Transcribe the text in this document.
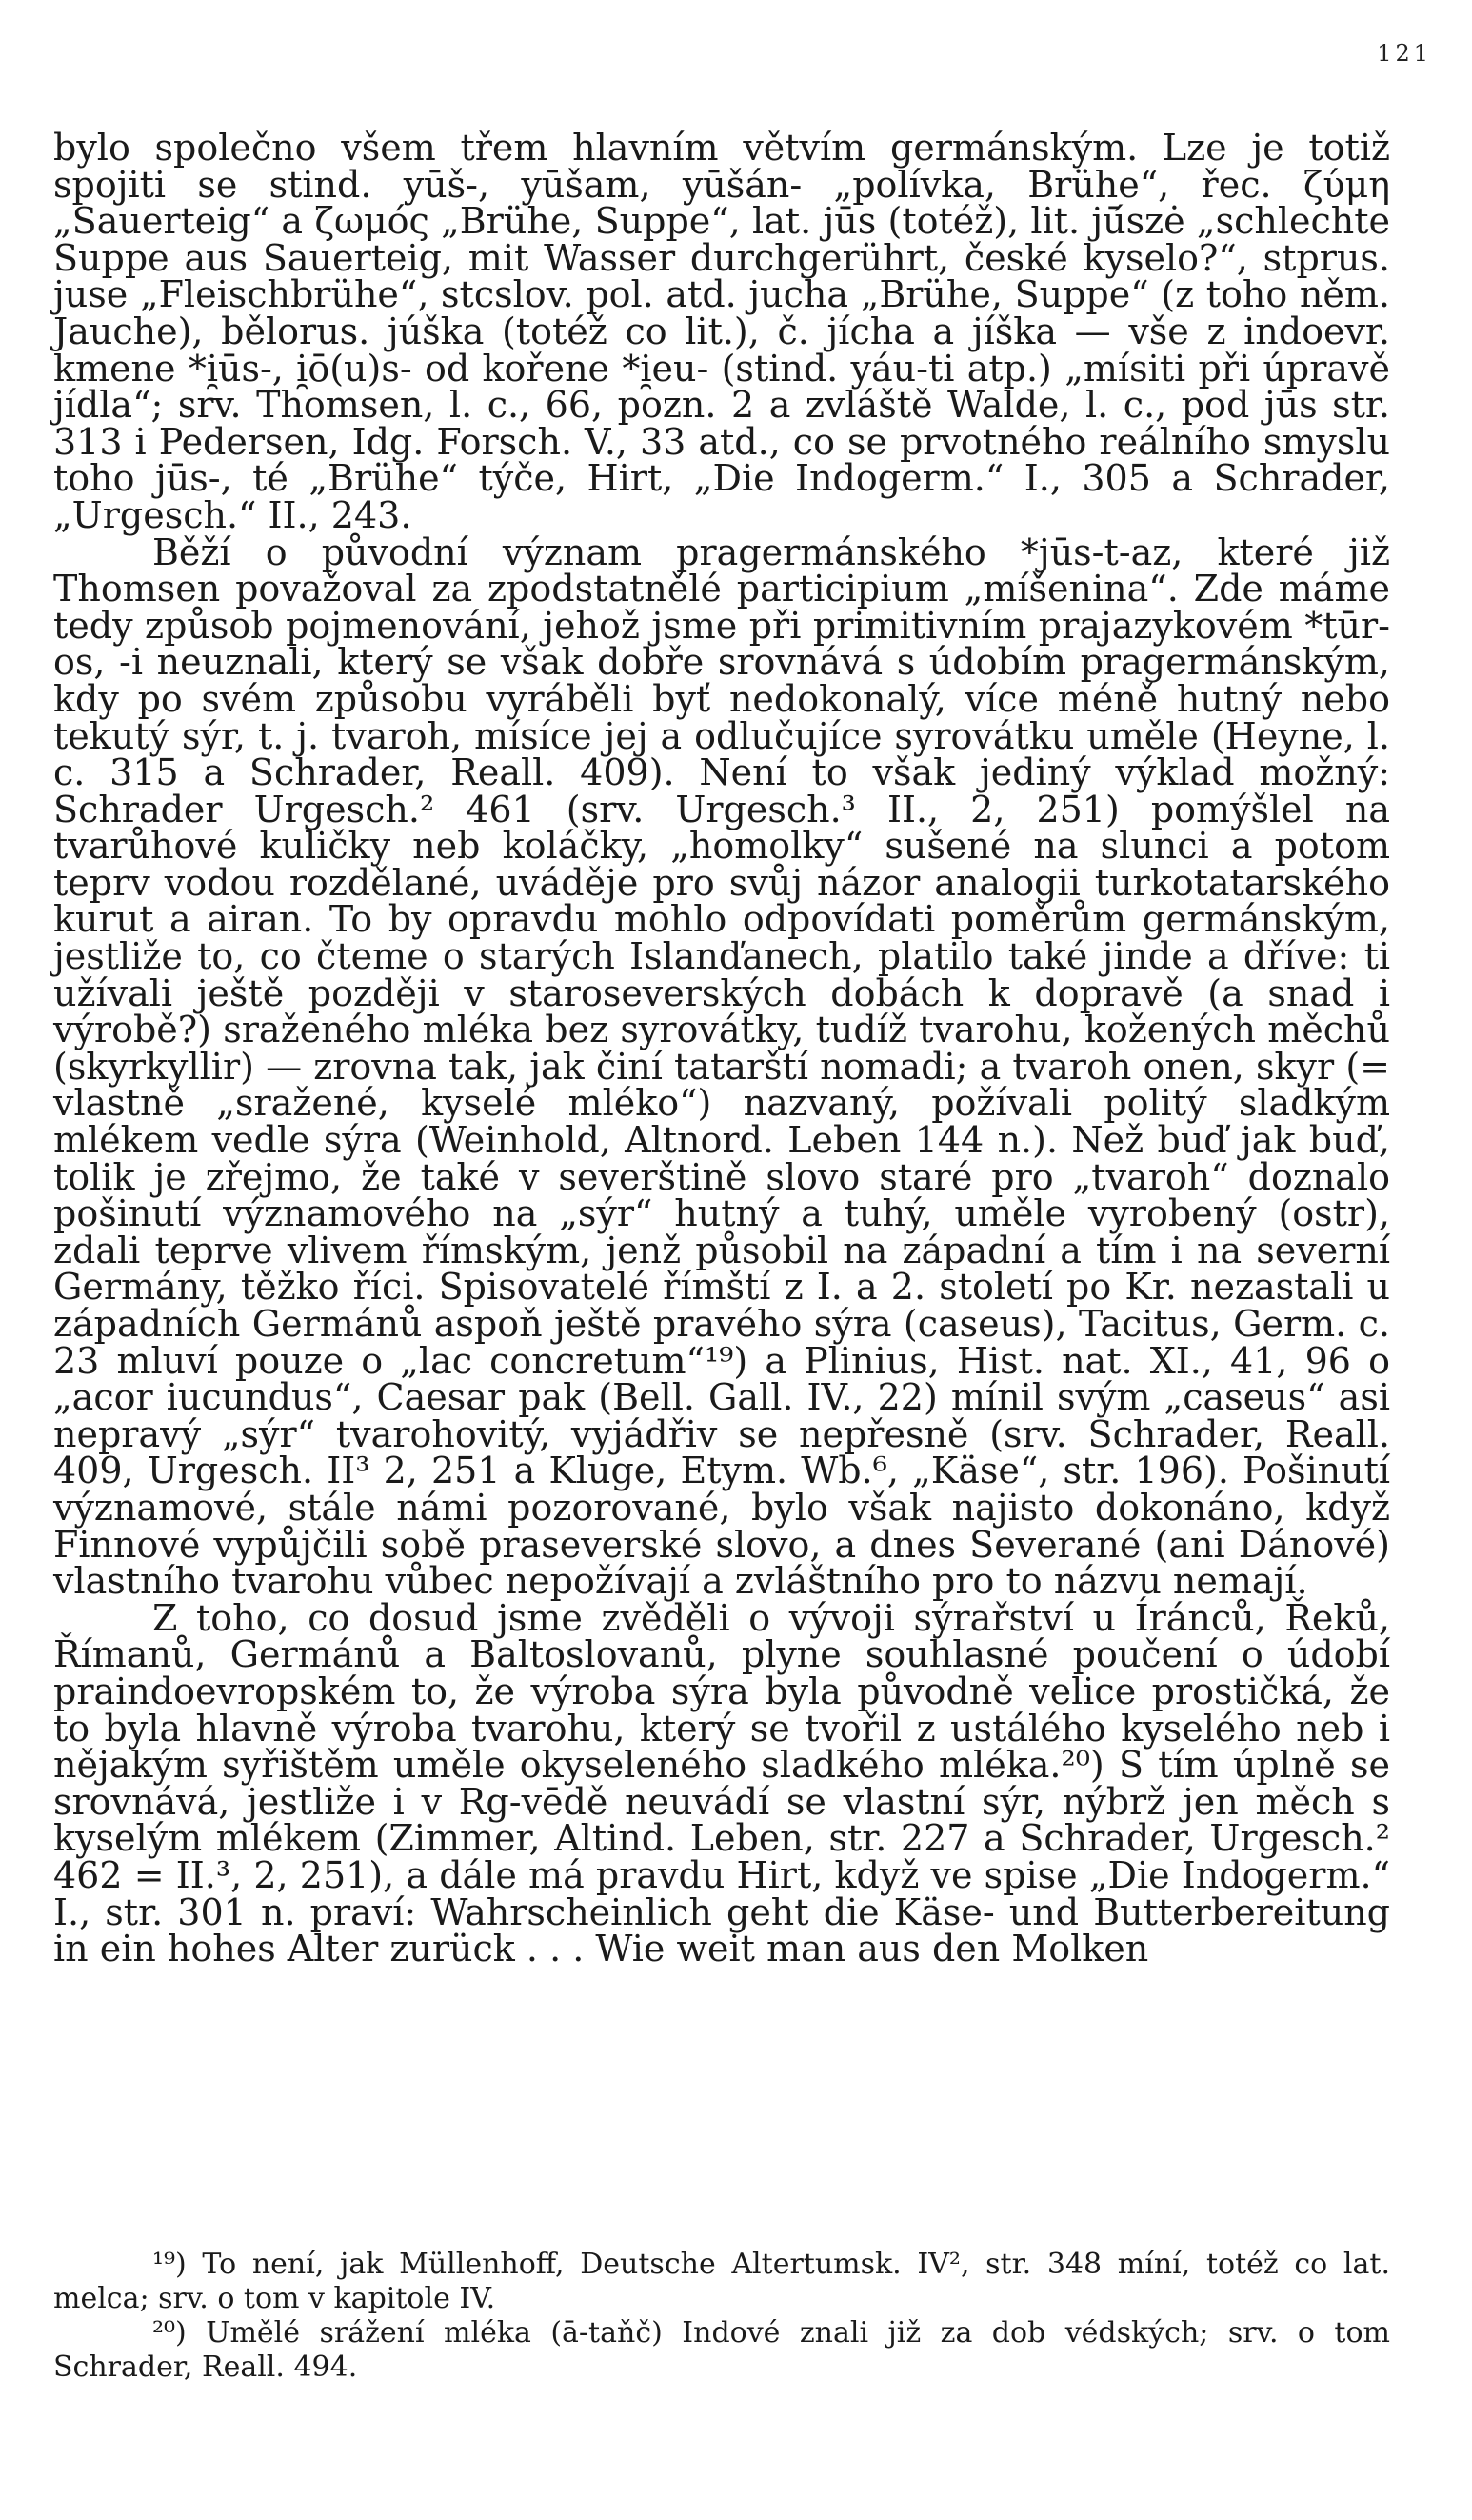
121

bylo společno všem třem hlavním větvím germánským. Lze je totiž spojiti se stind. yūš-, yūšam, yūšán- „polívka, Brühe“, řec. ζύμη „Sauerteig“ a ζωμός „Brühe, Suppe“, lat. jūs (totéž), lit. jū́szė „schlechte Suppe aus Sauerteig, mit Wasser durchgerührt, české kyselo?“, stprus. juse „Fleischbrühe“, stcslov. pol. atd. jucha „Brühe, Suppe“ (z toho něm. Jauche), bělorus. júška (totéž co lit.), č. jícha a jíška — vše z indoevr. kmene *i̯ūs-, i̯ō(u)s- od kořene *i̯eu- (stind. yáu-ti atp.) „mísiti při úpravě jídla“; srv. Thomsen, l. c., 66, pozn. 2 a zvláště Walde, l. c., pod jūs str. 313 i Pedersen, Idg. Forsch. V., 33 atd., co se prvotného reálního smyslu toho jūs-, té „Brühe“ týče, Hirt, „Die Indogerm.“ I., 305 a Schrader, „Urgesch.“ II., 243.

Běží o původní význam pragermánského *jūs-t-az, které již Thomsen považoval za zpodstatnělé participium „míšenina“. Zde máme tedy způsob pojmenování, jehož jsme při primitivním prajazykovém *tūr-os, -i neuznali, který se však dobře srovnává s údobím pragermánským, kdy po svém způsobu vyráběli byť nedokonalý, více méně hutný nebo tekutý sýr, t. j. tvaroh, mísíce jej a odlučujíce syrovátku uměle (Heyne, l. c. 315 a Schrader, Reall. 409). Není to však jediný výklad možný: Schrader Urgesch.² 461 (srv. Urgesch.³ II., 2, 251) pomýšlel na tvarůhové kuličky neb koláčky, „homolky“ sušené na slunci a potom teprv vodou rozdělané, uváděje pro svůj názor analogii turkotatarského kurut a airan. To by opravdu mohlo odpovídati poměrům germánským, jestliže to, co čteme o starých Islanďanech, platilo také jinde a dříve: ti užívali ještě později v staroseverských dobách k dopravě (a snad i výrobě?) sraženého mléka bez syrovátky, tudíž tvarohu, kožených měchů (skyrkyllir) — zrovna tak, jak činí tatarští nomadi; a tvaroh onen, skyr (= vlastně „sražené, kyselé mléko“) nazvaný, požívali politý sladkým mlékem vedle sýra (Weinhold, Altnord. Leben 144 n.). Než buď jak buď, tolik je zřejmo, že také v severštině slovo staré pro „tvaroh“ doznalo pošinutí významového na „sýr“ hutný a tuhý, uměle vyrobený (ostr), zdali teprve vlivem římským, jenž působil na západní a tím i na severní Germány, těžko říci. Spisovatelé římští z I. a 2. století po Kr. nezastali u západních Germánů aspoň ještě pravého sýra (caseus), Tacitus, Germ. c. 23 mluví pouze o „lac concretum“¹⁹) a Plinius, Hist. nat. XI., 41, 96 o „acor iucundus“, Caesar pak (Bell. Gall. IV., 22) mínil svým „caseus“ asi nepravý „sýr“ tvarohovitý, vyjádřiv se nepřesně (srv. Schrader, Reall. 409, Urgesch. II³ 2, 251 a Kluge, Etym. Wb.⁶, „Käse“, str. 196). Pošinutí významové, stále námi pozorované, bylo však najisto dokonáno, když Finnové vypůjčili sobě praseverské slovo, a dnes Severané (ani Dánové) vlastního tvarohu vůbec nepožívají a zvláštního pro to názvu nemají.

Z toho, co dosud jsme zvěděli o vývoji sýrařství u Íránců, Řeků, Římanů, Germánů a Baltoslovanů, plyne souhlasné poučení o údobí praindoevropském to, že výroba sýra byla původně velice prostičká, že to byla hlavně výroba tvarohu, který se tvořil z ustálého kyselého neb i nějakým syřištěm uměle okyseleného sladkého mléka.²⁰) S tím úplně se srovnává, jestliže i v Rg-vēdě neuvádí se vlastní sýr, nýbrž jen měch s kyselým mlékem (Zimmer, Altind. Leben, str. 227 a Schrader, Urgesch.² 462 = II.³, 2, 251), a dále má pravdu Hirt, když ve spise „Die Indogerm.“ I., str. 301 n. praví: Wahrscheinlich geht die Käse- und Butterbereitung in ein hohes Alter zurück . . . Wie weit man aus den Molken

¹⁹) To není, jak Müllenhoff, Deutsche Altertumsk. IV², str. 348 míní, totéž co lat. melca; srv. o tom v kapitole IV.

²⁰) Umělé srážení mléka (ā-taňč) Indové znali již za dob védských; srv. o tom Schrader, Reall. 494.
